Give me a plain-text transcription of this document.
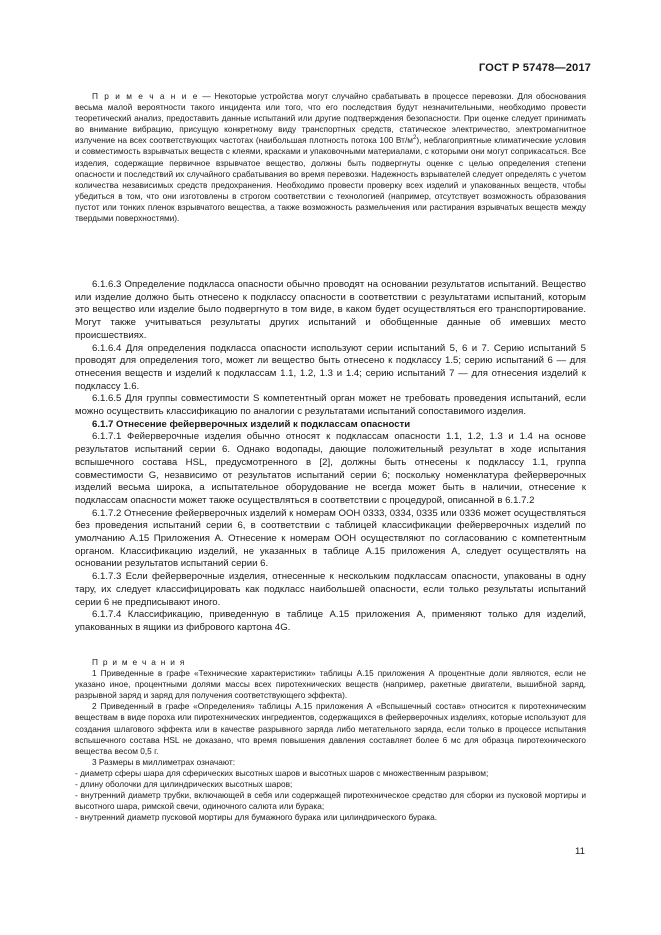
ГОСТ Р 57478—2017

П р и м е ч а н и е — Некоторые устройства могут случайно срабатывать в процессе перевозки. Для обоснования весьма малой вероятности такого инцидента или того, что его последствия будут незначительными, необходимо провести теоретический анализ, предоставить данные испытаний или другие подтверждения безопасности. При оценке следует принимать во внимание вибрацию, присущую конкретному виду транспортных средств, статическое электричество, электромагнитное излучение на всех соответствующих частотах (наибольшая плотность потока 100 $Вт/м^2$), неблагоприятные климатические условия и совместимость взрывчатых веществ с клеями, красками и упаковочными материалами, с которыми они могут соприкасаться. Все изделия, содержащие первичное взрывчатое вещество, должны быть подвергнуты оценке с целью определения степени опасности и последствий их случайного срабатывания во время перевозки. Надежность взрывателей следует определять с учетом количества независимых средств предохранения. Необходимо провести проверку всех изделий и упакованных веществ, чтобы убедиться в том, что они изготовлены в строгом соответствии с технологией (например, отсутствует возможность образования пустот или тонких пленок взрывчатого вещества, а также возможность размельчения или растирания взрывчатых веществ между твердыми поверхностями).

6.1.6.3 Определение подкласса опасности обычно проводят на основании результатов испытаний. Вещество или изделие должно быть отнесено к подклассу опасности в соответствии с результатами испытаний, которым это вещество или изделие было подвергнуто в том виде, в каком будет осуществляться его транспортирование. Могут также учитываться результаты других испытаний и обобщенные данные об имевших место происшествиях.

6.1.6.4 Для определения подкласса опасности используют серии испытаний 5, 6 и 7. Серию испытаний 5 проводят для определения того, может ли вещество быть отнесено к подклассу 1.5; серию испытаний 6 — для отнесения веществ и изделий к подклассам 1.1, 1.2, 1.3 и 1.4; серию испытаний 7 — для отнесения изделий к подклассу 1.6.

6.1.6.5 Для группы совместимости S компетентный орган может не требовать проведения испытаний, если можно осуществить классификацию по аналогии с результатами испытаний сопоставимого изделия.

6.1.7 Отнесение фейерверочных изделий к подклассам опасности

6.1.7.1 Фейерверочные изделия обычно относят к подклассам опасности 1.1, 1.2, 1.3 и 1.4 на основе результатов испытаний серии 6. Однако водопады, дающие положительный результат в ходе испытания вспышечного состава HSL, предусмотренного в [2], должны быть отнесены к подклассу 1.1, группа совместимости G, независимо от результатов испытаний серии 6; поскольку номенклатура фейерверочных изделий весьма широка, а испытательное оборудование не всегда может быть в наличии, отнесение к подклассам опасности может также осуществляться в соответствии с процедурой, описанной в 6.1.7.2

6.1.7.2 Отнесение фейерверочных изделий к номерам ООН 0333, 0334, 0335 или 0336 может осуществляться без проведения испытаний серии 6, в соответствии с таблицей классификации фейерверочных изделий по умолчанию А.15 Приложения А. Отнесение к номерам ООН осуществляют по согласованию с компетентным органом. Классификацию изделий, не указанных в таблице А.15 приложения А, следует осуществлять на основании результатов испытаний серии 6.

6.1.7.3 Если фейерверочные изделия, отнесенные к нескольким подклассам опасности, упакованы в одну тару, их следует классифицировать как подкласс наибольшей опасности, если только результаты испытаний серии 6 не предписывают иного.

6.1.7.4 Классификацию, приведенную в таблице А.15 приложения А, применяют только для изделий, упакованных в ящики из фибрового картона 4G.

П р и м е ч а н и я

1 Приведенные в графе «Технические характеристики» таблицы А.15 приложения А процентные доли являются, если не указано иное, процентными долями массы всех пиротехнических веществ (например, ракетные двигатели, вышибной заряд, разрывной заряд и заряд для получения соответствующего эффекта).

2 Приведенный в графе «Определения» таблицы А.15 приложения А «Вспышечный состав» относится к пиротехническим веществам в виде пороха или пиротехнических ингредиентов, содержащихся в фейерверочных изделиях, которые используют для создания шлагового эффекта или в качестве разрывного заряда либо метательного заряда, если только в процессе испытания вспышечного состава HSL не доказано, что время повышения давления составляет более 6 мс для образца пиротехнического вещества весом 0,5 г.

3 Размеры в миллиметрах означают:

- диаметр сферы шара для сферических высотных шаров и высотных шаров с множественным разрывом;

- длину оболочки для цилиндрических высотных шаров;

- внутренний диаметр трубки, включающей в себя или содержащей пиротехническое средство для сборки из пусковой мортиры и высотного шара, римской свечи, одиночного салюта или бурака;

- внутренний диаметр пусковой мортиры для бумажного бурака или цилиндрического бурака.

11
